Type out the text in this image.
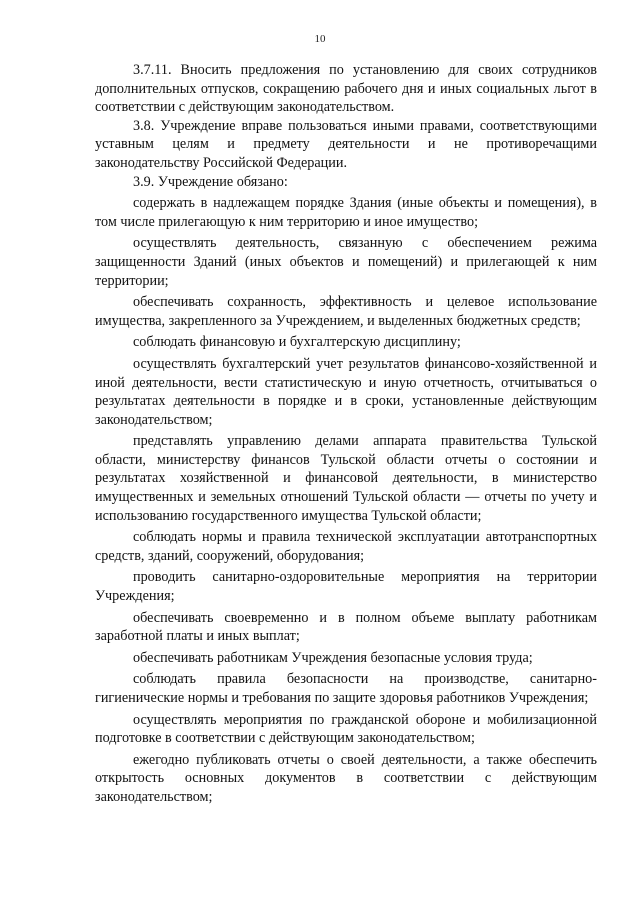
10

3.7.11. Вносить предложения по установлению для своих сотрудников дополнительных отпусков, сокращению рабочего дня и иных социальных льгот в соответствии с действующим законодательством.

3.8. Учреждение вправе пользоваться иными правами, соответствующими уставным целям и предмету деятельности и не противоречащими законодательству Российской Федерации.

3.9. Учреждение обязано:

содержать в надлежащем порядке Здания (иные объекты и помещения), в том числе прилегающую к ним территорию и иное имущество;

осуществлять деятельность, связанную с обеспечением режима защищенности Зданий (иных объектов и помещений) и прилегающей к ним территории;

обеспечивать сохранность, эффективность и целевое использование имущества, закрепленного за Учреждением, и выделенных бюджетных средств;

соблюдать финансовую и бухгалтерскую дисциплину;

осуществлять бухгалтерский учет результатов финансово-хозяйственной и иной деятельности, вести статистическую и иную отчетность, отчитываться о результатах деятельности в порядке и в сроки, установленные действующим законодательством;

представлять управлению делами аппарата правительства Тульской области, министерству финансов Тульской области отчеты о состоянии и результатах хозяйственной и финансовой деятельности, в министерство имущественных и земельных отношений Тульской области — отчеты по учету и использованию государственного имущества Тульской области;

соблюдать нормы и правила технической эксплуатации автотранспортных средств, зданий, сооружений, оборудования;

проводить санитарно-оздоровительные мероприятия на территории Учреждения;

обеспечивать своевременно и в полном объеме выплату работникам заработной платы и иных выплат;

обеспечивать работникам Учреждения безопасные условия труда;

соблюдать правила безопасности на производстве, санитарно-гигиенические нормы и требования по защите здоровья работников Учреждения;

осуществлять мероприятия по гражданской обороне и мобилизационной подготовке в соответствии с действующим законодательством;

ежегодно публиковать отчеты о своей деятельности, а также обеспечить открытость основных документов в соответствии с действующим законодательством;
